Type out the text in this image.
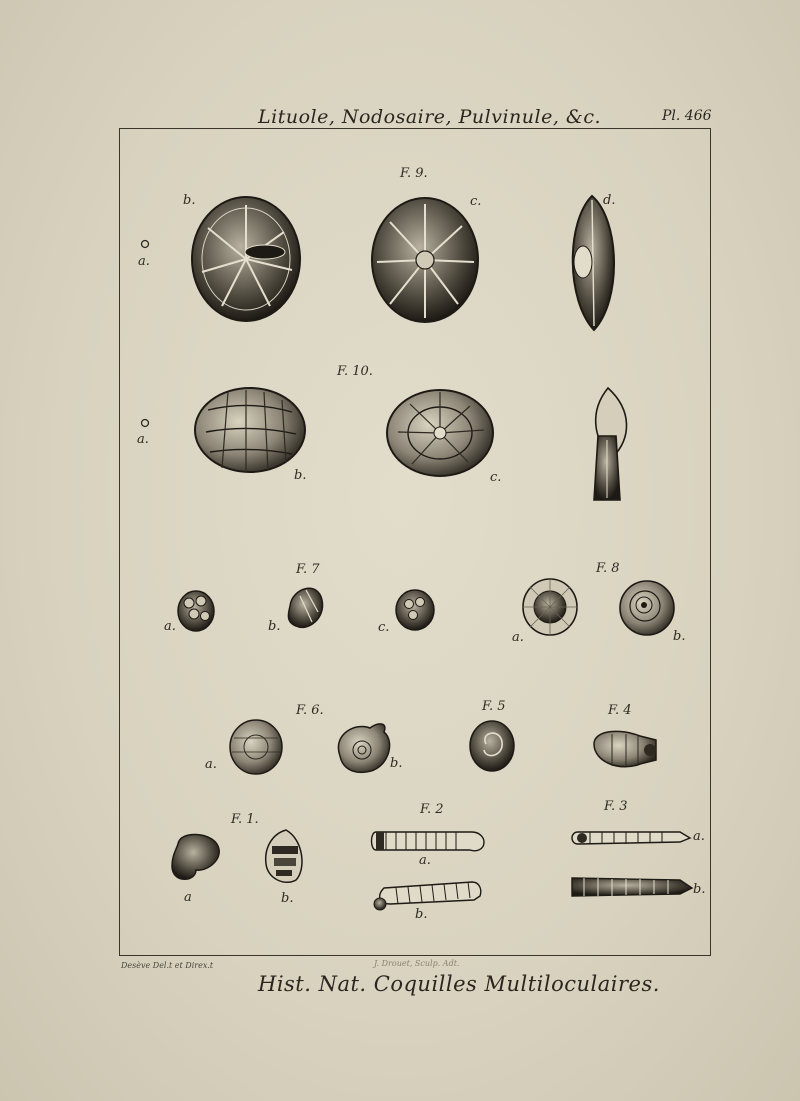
Lituole, Nodosaire, Pulvinule, &c.	Pl. 466
F. 9.
a.
b.	c.	d.
F. 10.
a.
b.	c.
F. 7
a.	b.	c.
F. 8
a.	b.
F. 6.
a.	b.
F. 5	F. 4
F. 1.
a	b.
F. 2
a.
b.
F. 3
a.
b.
Desève Del.t et Direx.t	J. Drouet, Sculp. Adt.
Hist. Nat. Coquilles Multiloculaires.
